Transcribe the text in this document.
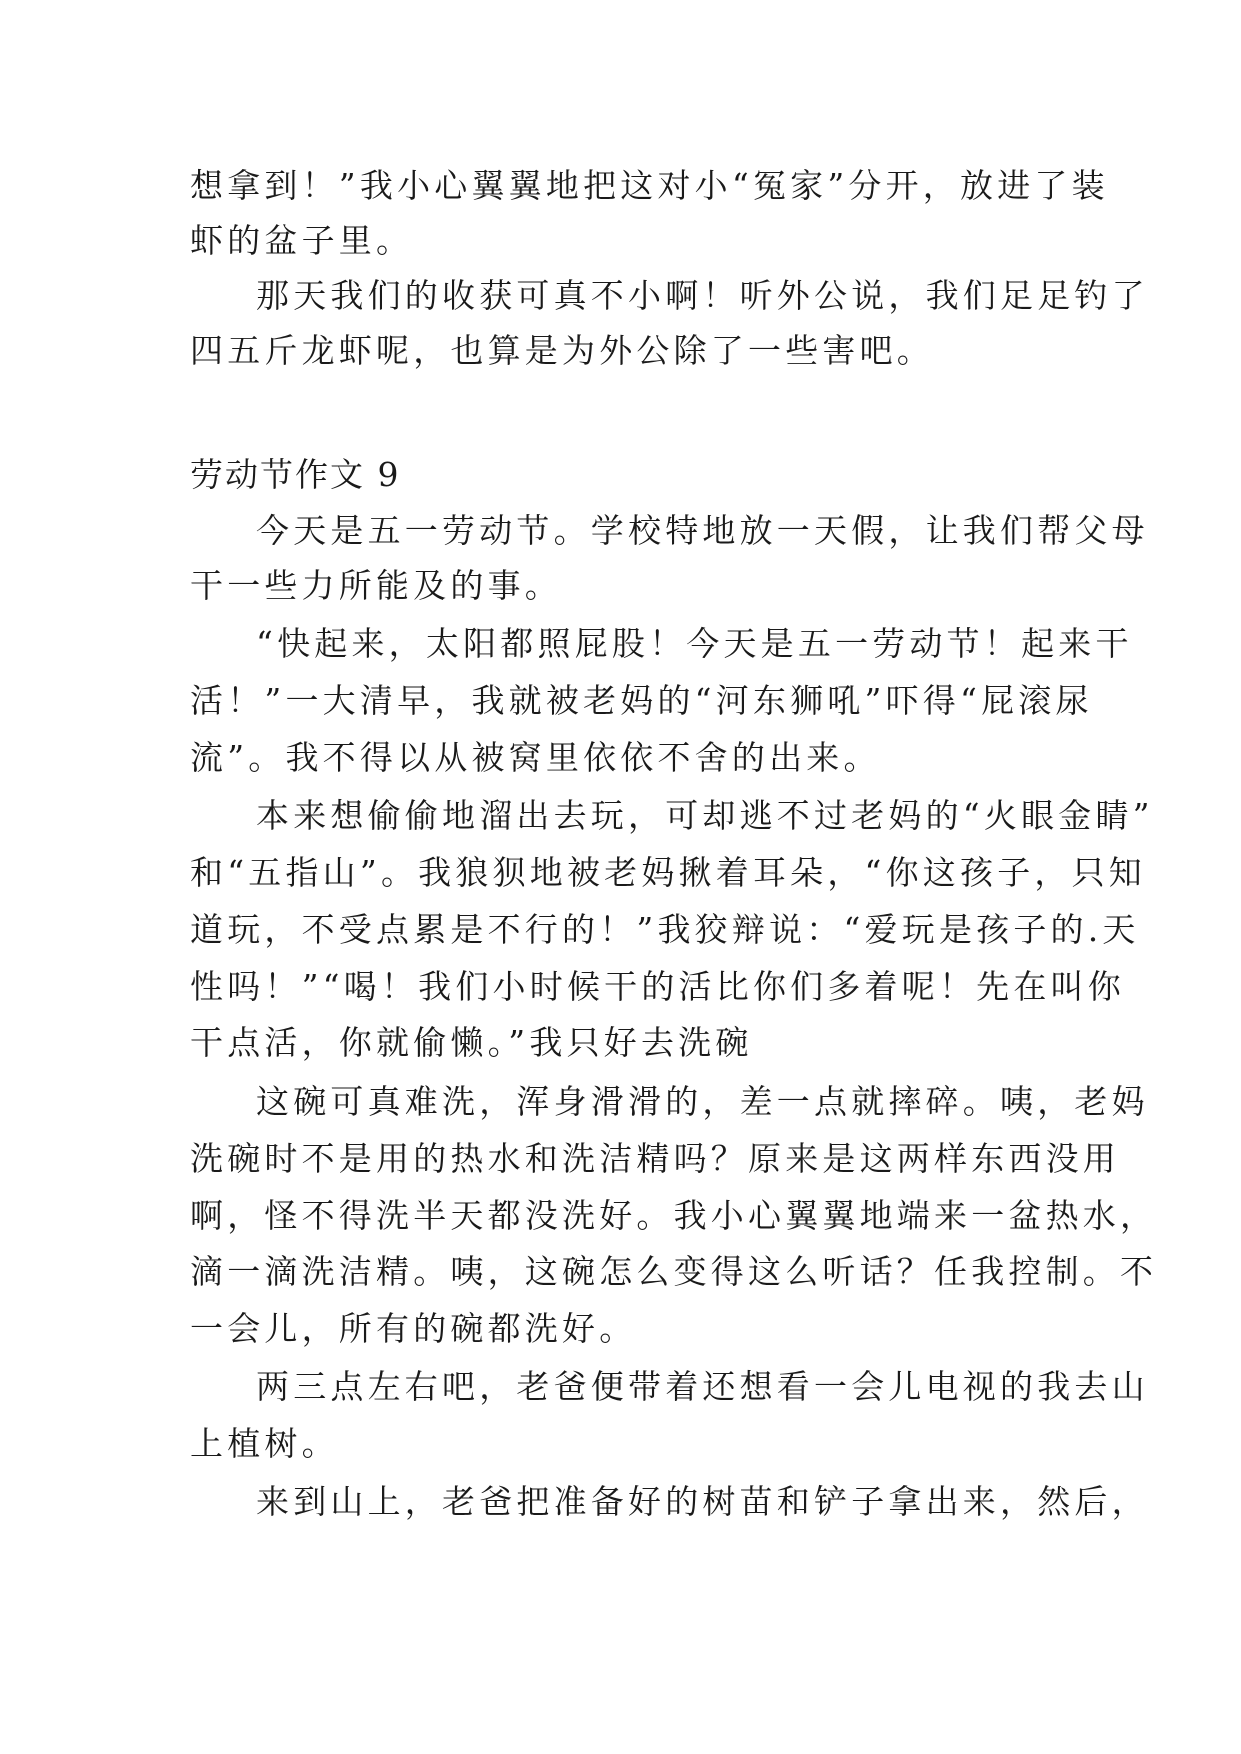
想拿到！”我小心翼翼地把这对小“冤家”分开，放进了装
虾的盆子里。
那天我们的收获可真不小啊！听外公说，我们足足钓了
四五斤龙虾呢，也算是为外公除了一些害吧。
劳动节作文 9
今天是五一劳动节。学校特地放一天假，让我们帮父母
干一些力所能及的事。
“快起来，太阳都照屁股！今天是五一劳动节！起来干
活！”一大清早，我就被老妈的“河东狮吼”吓得“屁滚尿
流”。我不得以从被窝里依依不舍的出来。
本来想偷偷地溜出去玩，可却逃不过老妈的“火眼金睛”
和“五指山”。我狼狈地被老妈揪着耳朵，“你这孩子，只知
道玩，不受点累是不行的！”我狡辩说：“爱玩是孩子的.天
性吗！”“喝！我们小时候干的活比你们多着呢！先在叫你
干点活，你就偷懒。”我只好去洗碗
这碗可真难洗，浑身滑滑的，差一点就摔碎。咦，老妈
洗碗时不是用的热水和洗洁精吗？原来是这两样东西没用
啊，怪不得洗半天都没洗好。我小心翼翼地端来一盆热水，
滴一滴洗洁精。咦，这碗怎么变得这么听话？任我控制。不
一会儿，所有的碗都洗好。
两三点左右吧，老爸便带着还想看一会儿电视的我去山
上植树。
来到山上，老爸把准备好的树苗和铲子拿出来，然后，
